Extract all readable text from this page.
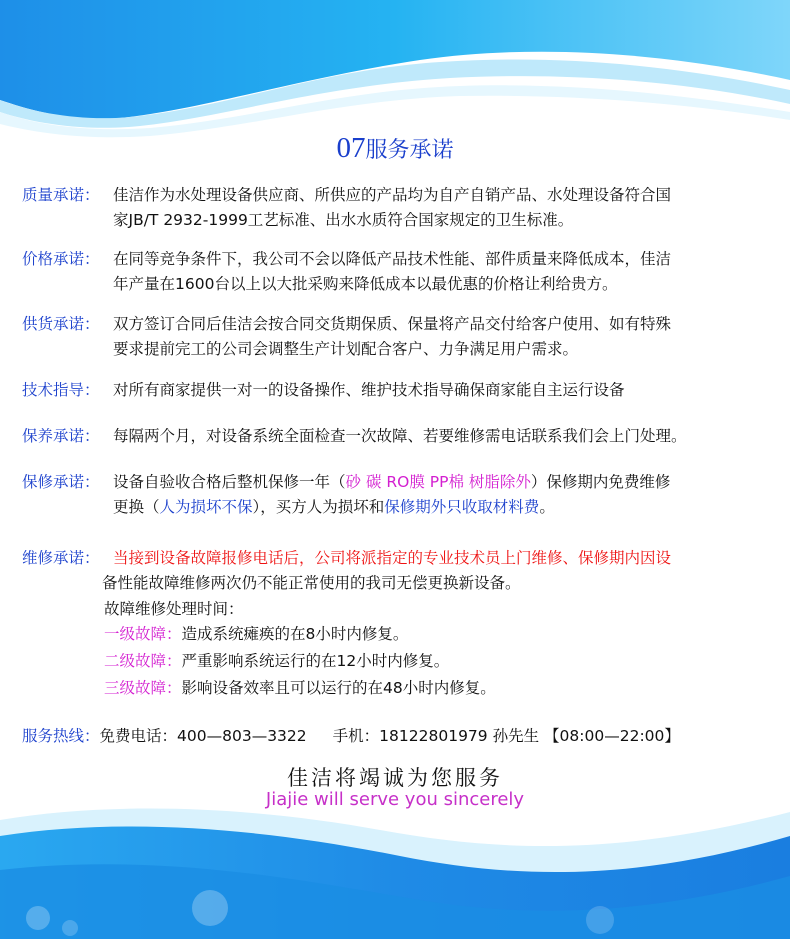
07服务承诺
质量承诺： 佳洁作为水处理设备供应商、所供应的产品均为自产自销产品、水处理设备符合国
家JB/T 2932-1999工艺标准、出水水质符合国家规定的卫生标准。
价格承诺： 在同等竞争条件下，我公司不会以降低产品技术性能、部件质量来降低成本，佳洁
年产量在1600台以上以大批采购来降低成本以最优惠的价格让利给贵方。
供货承诺： 双方签订合同后佳洁会按合同交货期保质、保量将产品交付给客户使用、如有特殊
要求提前完工的公司会调整生产计划配合客户、力争满足用户需求。
技术指导： 对所有商家提供一对一的设备操作、维护技术指导确保商家能自主运行设备
保养承诺： 每隔两个月，对设备系统全面检查一次故障、若要维修需电话联系我们会上门处理。
保修承诺： 设备自验收合格后整机保修一年（砂 碳 RO膜 PP棉 树脂除外）保修期内免费维修
更换（人为损坏不保），买方人为损坏和保修期外只收取材料费。
维修承诺： 当接到设备故障报修电话后，公司将派指定的专业技术员上门维修、保修期内因设
备性能故障维修两次仍不能正常使用的我司无偿更换新设备。
故障维修处理时间：
一级故障：造成系统瘫痪的在8小时内修复。
二级故障：严重影响系统运行的在12小时内修复。
三级故障：影响设备效率且可以运行的在48小时内修复。
服务热线：免费电话：400—803—3322 手机：18122801979 孙先生 【08:00—22:00】
佳洁将竭诚为您服务
Jiajie will serve you sincerely
